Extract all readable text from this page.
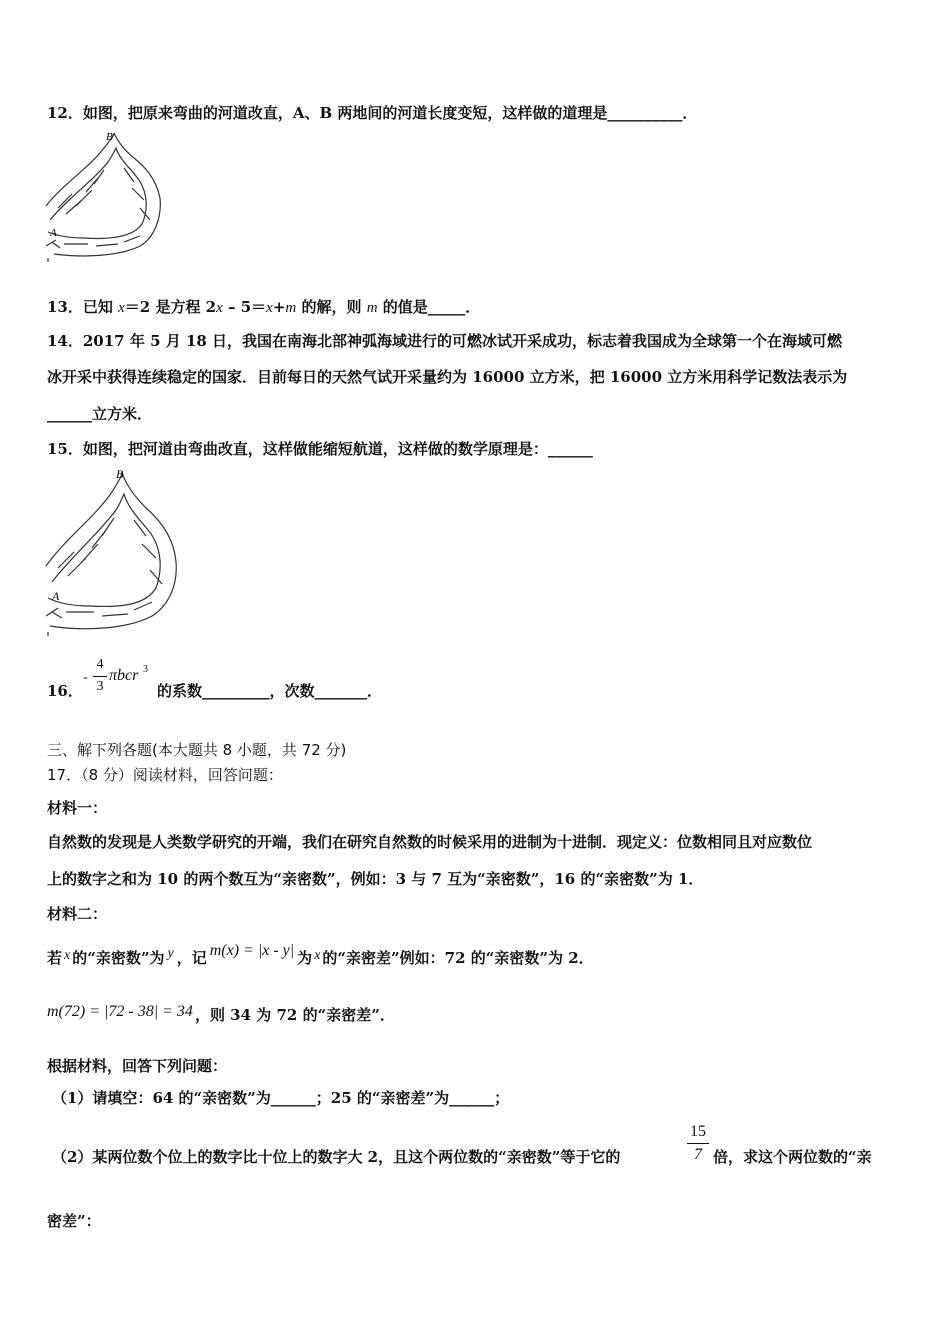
12．如图，把原来弯曲的河道改直，A、B 两地间的河道长度变短，这样做的道理是__________．
B
A
13．已知 x＝2 是方程 2x – 5＝x+m 的解，则 m 的值是_____．
14．2017 年 5 月 18 日，我国在南海北部神弧海域进行的可燃冰试开采成功，标志着我国成为全球第一个在海域可燃
冰开采中获得连续稳定的国家．目前每日的天然气试开采量约为 16000 立方米，把 16000 立方米用科学记数法表示为
______立方米．
15．如图，把河道由弯曲改直，这样做能缩短航道，这样做的数学原理是：______
B
A
16．
-
4
3
πbcr 3
的系数_________，次数_______．
三、解下列各题(本大题共 8 小题，共 72 分)
17．（8 分）阅读材料，回答问题：
材料一：
自然数的发现是人类数学研究的开端，我们在研究自然数的时候采用的进制为十进制．现定义：位数相同且对应数位
上的数字之和为 10 的两个数互为“亲密数”，例如：3 与 7 互为“亲密数”，16 的“亲密数”为 1．
材料二：
若 x 的“亲密数”为 y ，记 m(x) = |x - y| 为 x 的“亲密差”例如：72 的“亲密数”为 2．
m(72) = |72 - 38| = 34 ，则 34 为 72 的“亲密差”．
根据材料，回答下列问题：
（1）请填空：64 的“亲密数”为______；25 的“亲密差”为______；
（2）某两位数个位上的数字比十位上的数字大 2，且这个两位数的“亲密数”等于它的
15
7 倍，求这个两位数的“亲
密差”：
